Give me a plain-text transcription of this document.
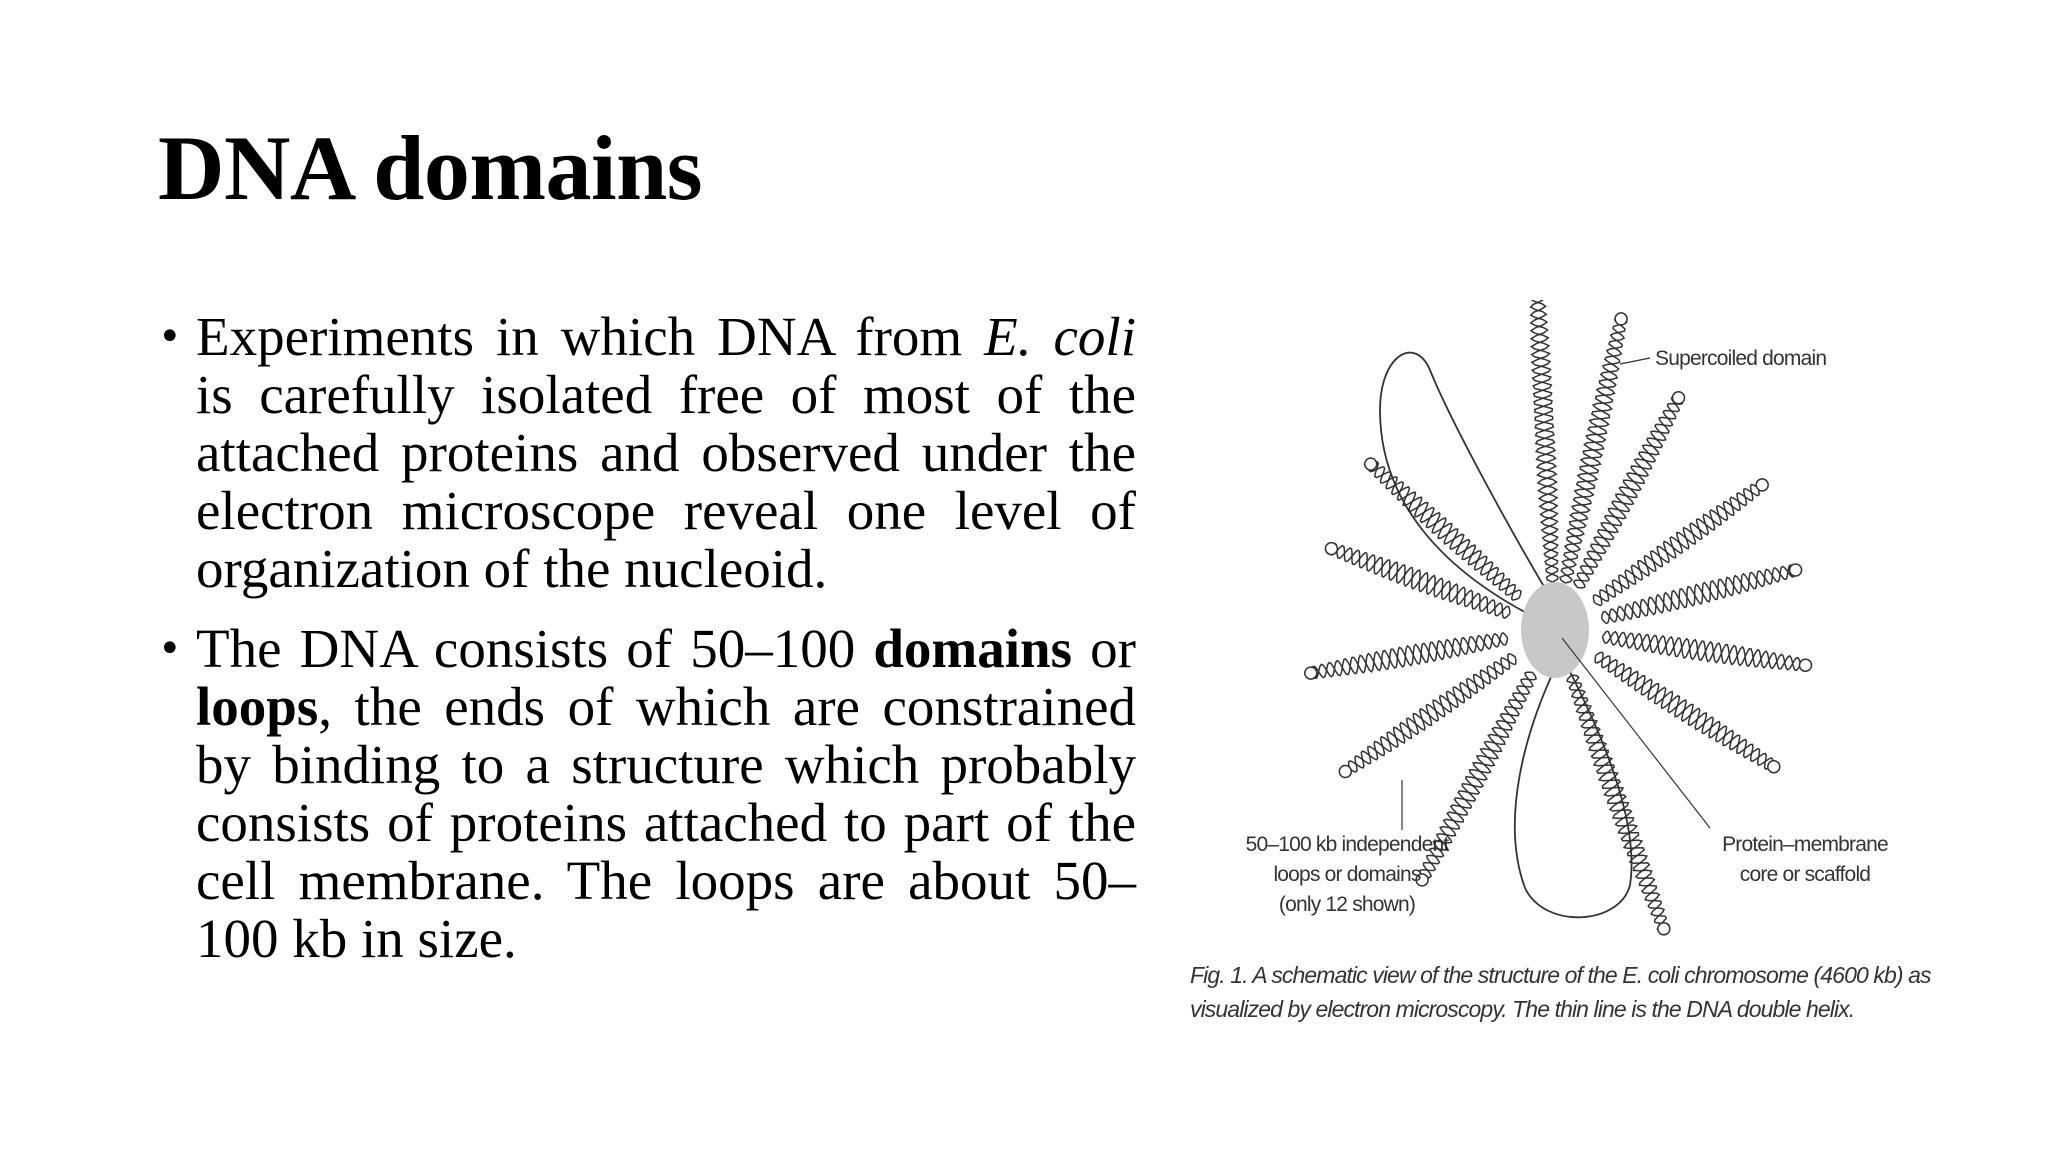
DNA domains
• Experiments in which DNA from E. coli is carefully isolated free of most of the attached proteins and observed under the electron microscope reveal one level of organization of the nucleoid.
• The DNA consists of 50–100 domains or loops, the ends of which are constrained by binding to a structure which probably consists of proteins attached to part of the cell membrane. The loops are about 50–100 kb in size.
Supercoiled domain
50–100 kb independent
loops or domains
(only 12 shown)
Protein–membrane
core or scaffold
Fig. 1. A schematic view of the structure of the E. coli chromosome (4600 kb) as visualized by electron microscopy. The thin line is the DNA double helix.
